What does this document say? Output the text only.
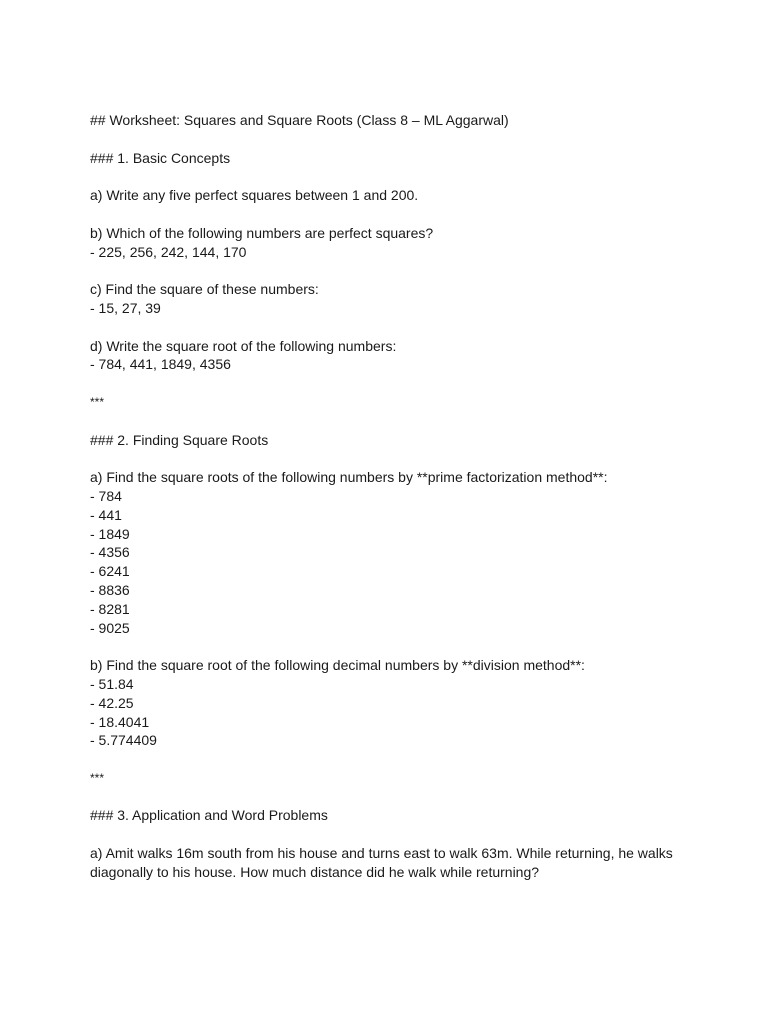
## Worksheet: Squares and Square Roots (Class 8 – ML Aggarwal)

### 1. Basic Concepts

a) Write any five perfect squares between 1 and 200.

b) Which of the following numbers are perfect squares?

- 225, 256, 242, 144, 170

c) Find the square of these numbers:

- 15, 27, 39

d) Write the square root of the following numbers:

- 784, 441, 1849, 4356

***

### 2. Finding Square Roots

a) Find the square roots of the following numbers by **prime factorization method**:

- 784

- 441

- 1849

- 4356

- 6241

- 8836

- 8281

- 9025

b) Find the square root of the following decimal numbers by **division method**:

- 51.84

- 42.25

- 18.4041

- 5.774409

***

### 3. Application and Word Problems

a) Amit walks 16m south from his house and turns east to walk 63m. While returning, he walks diagonally to his house. How much distance did he walk while returning?
